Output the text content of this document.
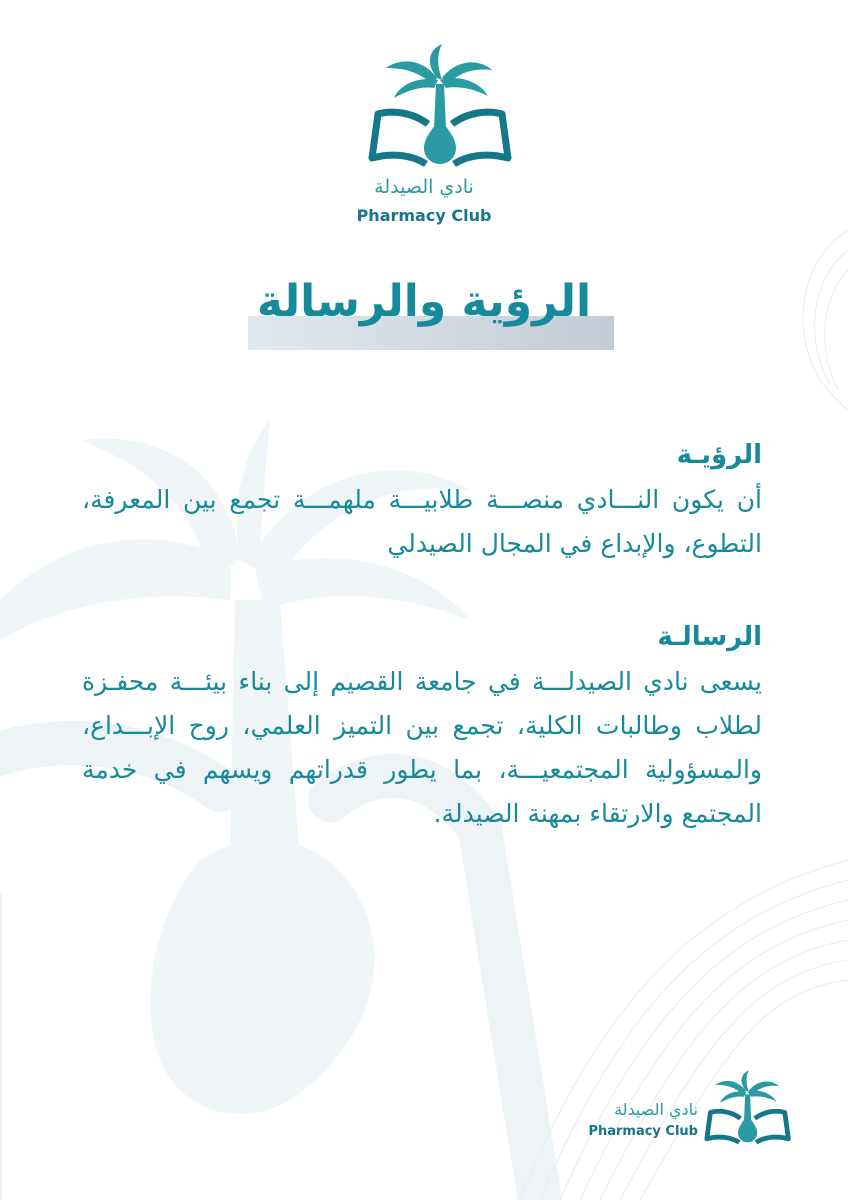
نادي الصيدلة
Pharmacy Club
الرؤية والرسالة
الرؤيـة
أن يكون النـــادي منصـــة طلابيـــة ملهمـــة تجمع بين المعرفة، التطوع، والإبداع في المجال الصيدلي
الرسالـة
يسعى نادي الصيدلـــة في جامعة القصيم إلى بناء بيئـــة محفـزة لطلاب وطالبات الكلية، تجمع بين التميز العلمي، روح الإبـــداع، والمسؤولية المجتمعيـــة، بما يطور قدراتهم ويسهم في خدمة المجتمع والارتقاء بمهنة الصيدلة.
نادي الصيدلة
Pharmacy Club
